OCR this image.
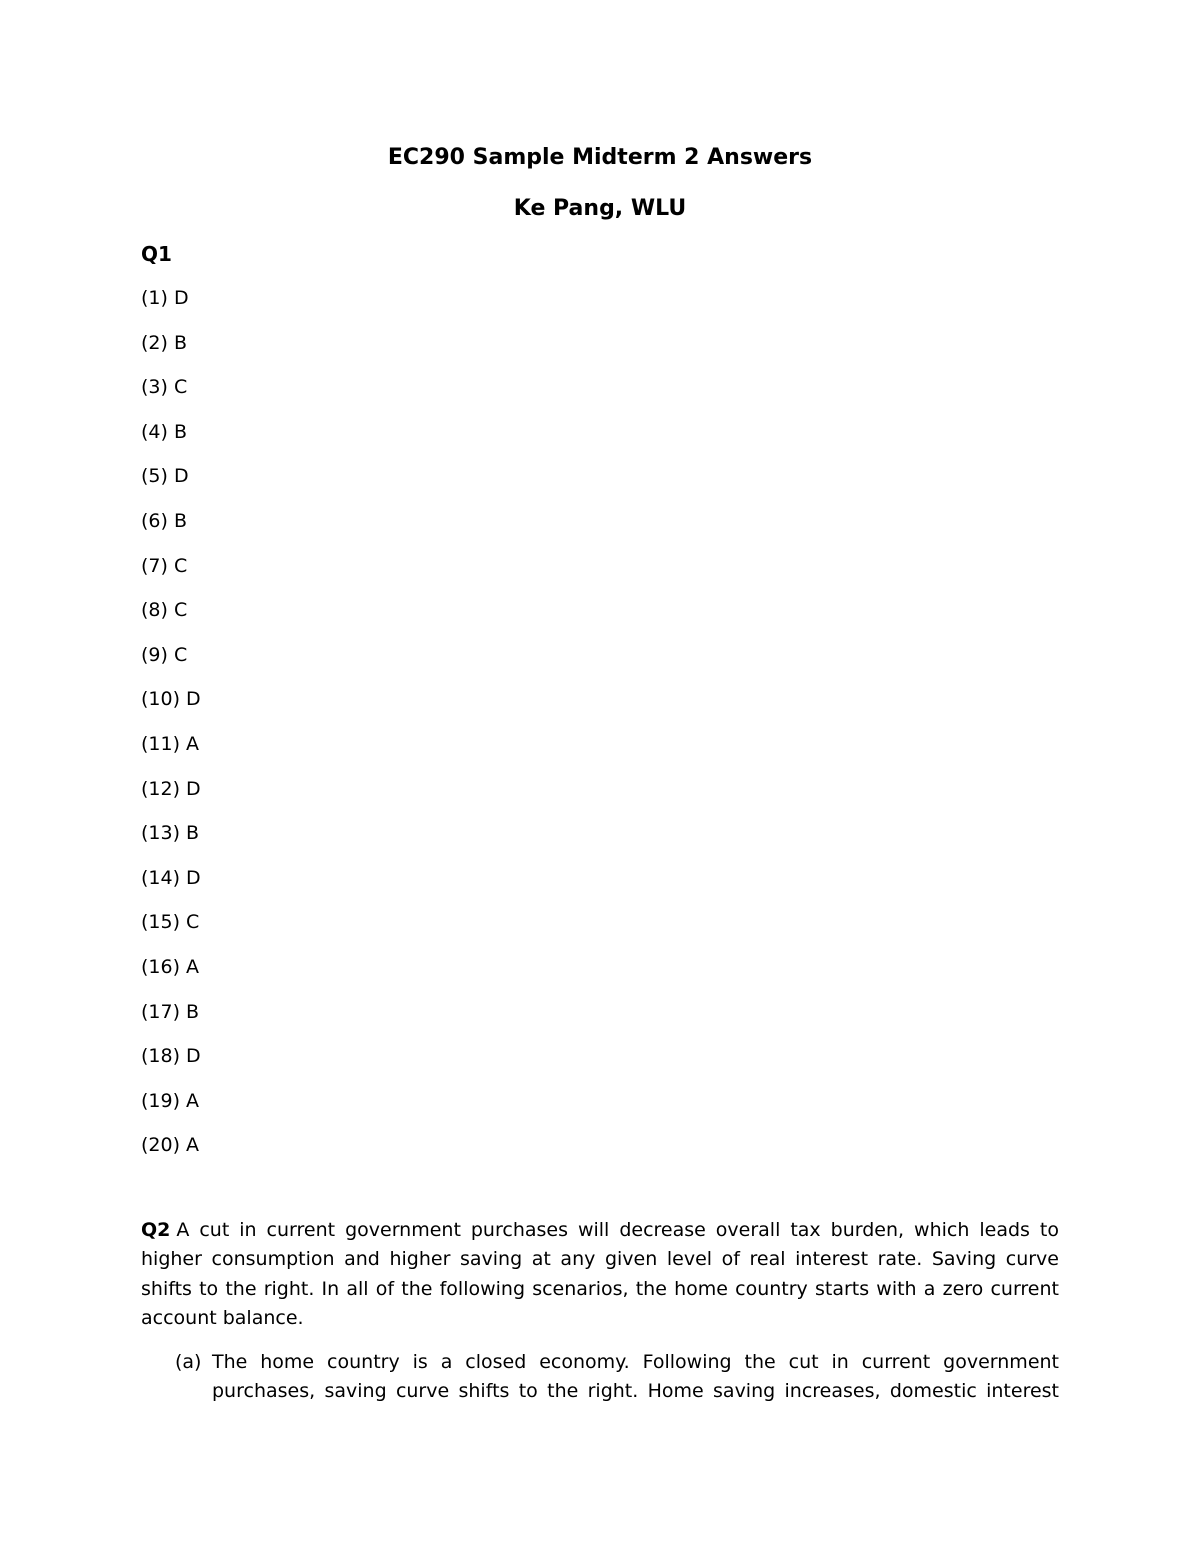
EC290 Sample Midterm 2 Answers
Ke Pang, WLU
Q1
(1) D
(2) B
(3) C
(4) B
(5) D
(6) B
(7) C
(8) C
(9) C
(10) D
(11) A
(12) D
(13) B
(14) D
(15) C
(16) A
(17) B
(18) D
(19) A
(20) A

Q2 A cut in current government purchases will decrease overall tax burden, which leads to higher consumption and higher saving at any given level of real interest rate. Saving curve shifts to the right. In all of the following scenarios, the home country starts with a zero current account balance.

(a) The home country is a closed economy. Following the cut in current government purchases, saving curve shifts to the right. Home saving increases, domestic interest
